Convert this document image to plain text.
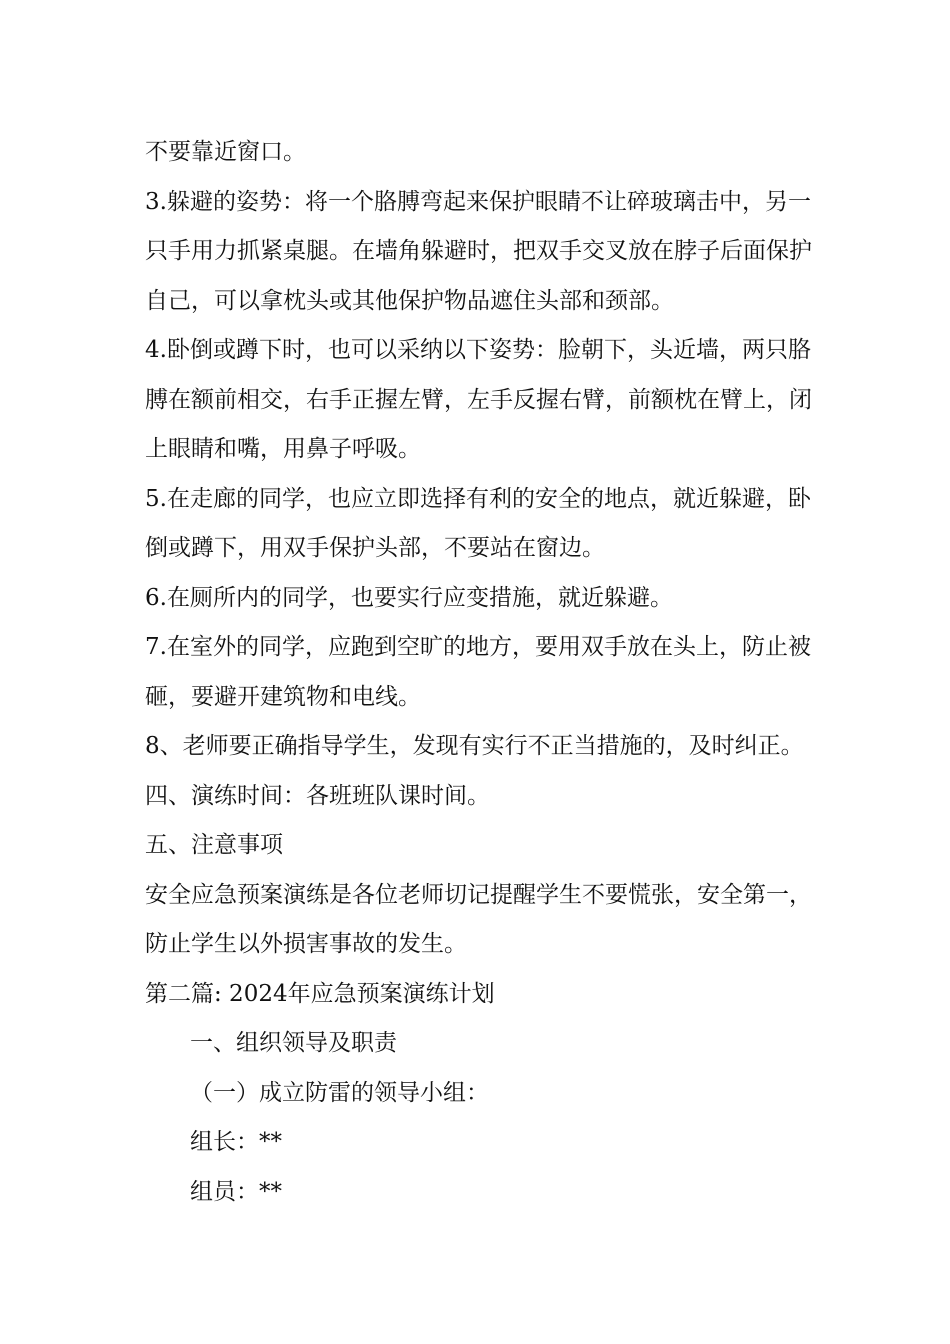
不要靠近窗口。

3.躲避的姿势：将一个胳膊弯起来保护眼睛不让碎玻璃击中，另一只手用力抓紧桌腿。在墙角躲避时，把双手交叉放在脖子后面保护自己，可以拿枕头或其他保护物品遮住头部和颈部。

4.卧倒或蹲下时，也可以采纳以下姿势：脸朝下，头近墙，两只胳膊在额前相交，右手正握左臂，左手反握右臂，前额枕在臂上，闭上眼睛和嘴，用鼻子呼吸。

5.在走廊的同学，也应立即选择有利的安全的地点，就近躲避，卧倒或蹲下，用双手保护头部，不要站在窗边。

6.在厕所内的同学，也要实行应变措施，就近躲避。

7.在室外的同学，应跑到空旷的地方，要用双手放在头上，防止被砸，要避开建筑物和电线。

8、老师要正确指导学生，发现有实行不正当措施的，及时纠正。

四、演练时间：各班班队课时间。

五、注意事项

安全应急预案演练是各位老师切记提醒学生不要慌张，安全第一，防止学生以外损害事故的发生。

第二篇: 2024年应急预案演练计划

一、组织领导及职责

（一）成立防雷的领导小组：

组长：**

组员：**
